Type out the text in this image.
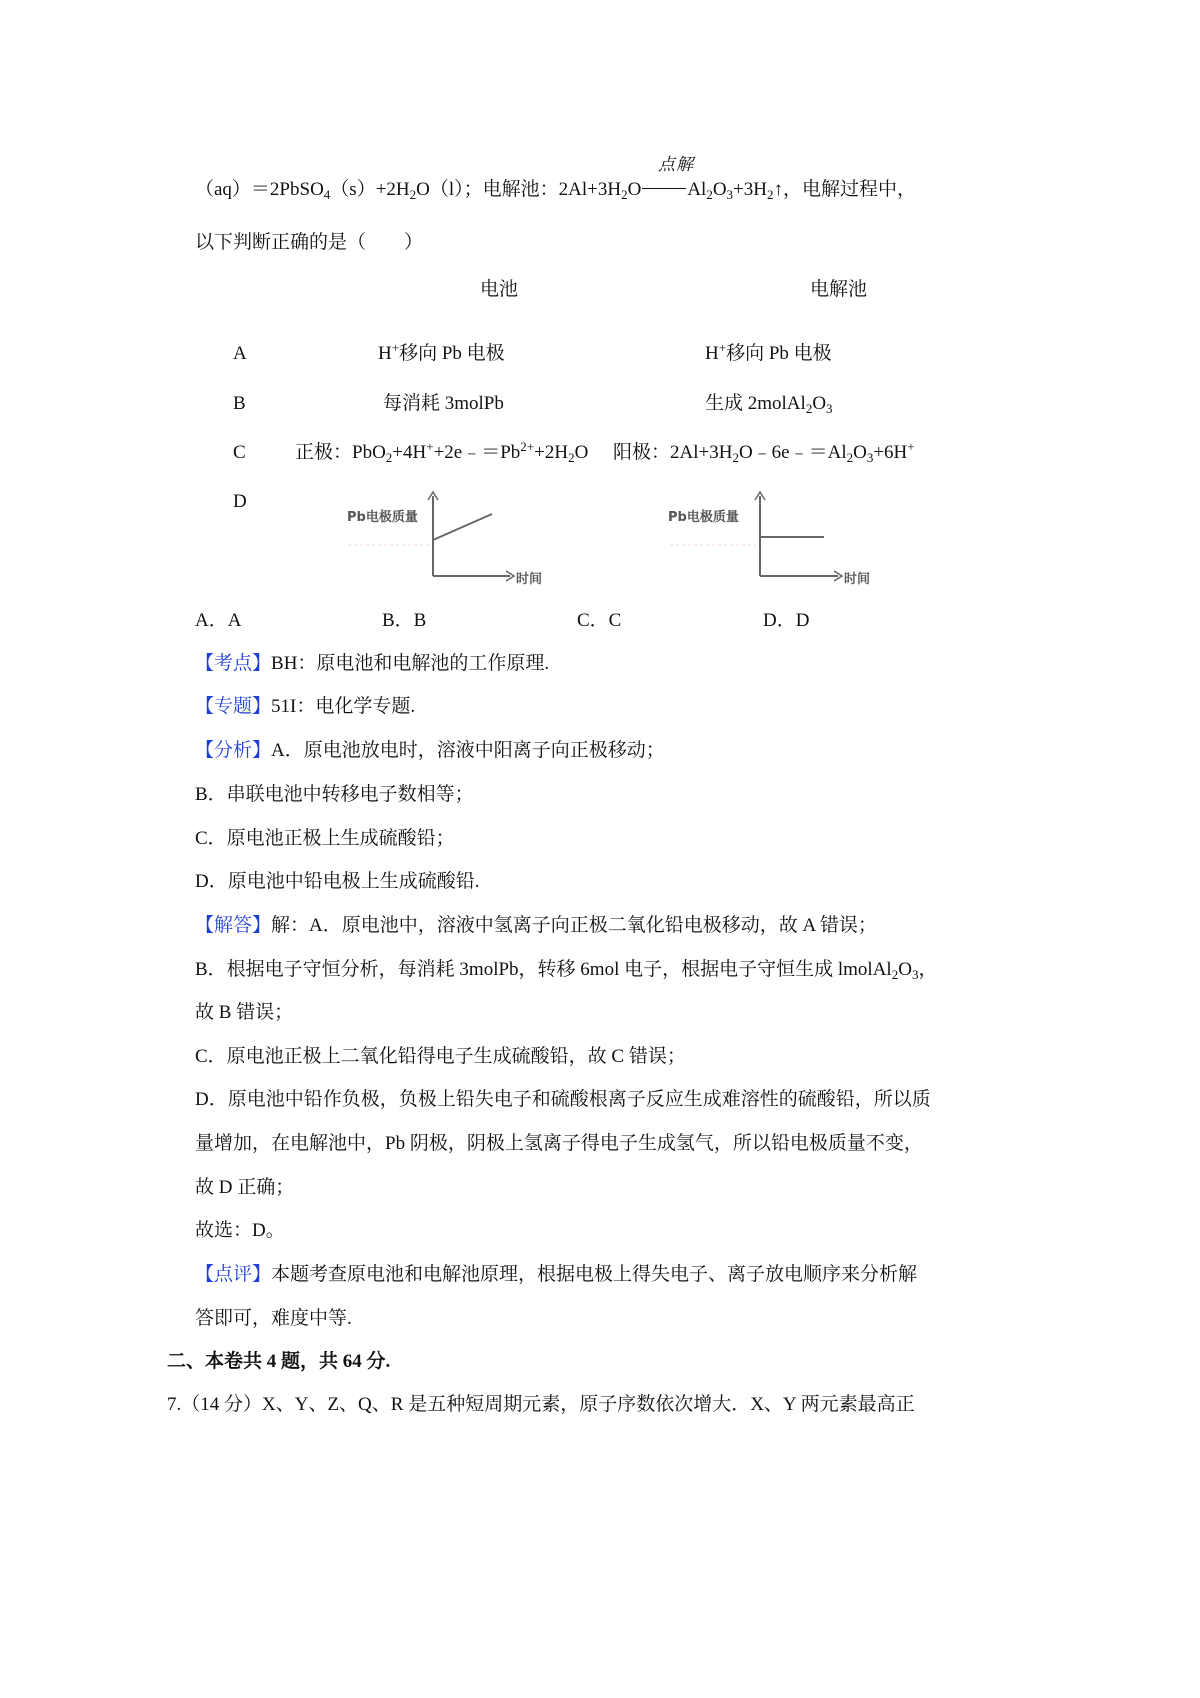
点解
$(aq)=2PbSO_4(s)+2H_2O(l)$；电解池：$2Al+3H_2O$ $Al_2O_3+3H_2↑$，电解过程中，
以下判断正确的是（　　）
电池	电解池
A	H+移向 Pb 电极	H+移向 Pb 电极
B	每消耗 3molPb	生成 $2molAl_2O_3$
C	正极：$PbO_2+4H^++2e﹣=Pb^{2+}+2H_2O$ 阳极：$2Al+3H_2O﹣6e﹣=Al_2O_3+6H^+$
D
Pb电极质量
时间
Pb电极质量
时间
A．A	B．B	C．C	D．D
【考点】BH：原电池和电解池的工作原理.
【专题】51I：电化学专题.
【分析】A．原电池放电时，溶液中阳离子向正极移动；
B．串联电池中转移电子数相等；
C．原电池正极上生成硫酸铅；
D．原电池中铅电极上生成硫酸铅.
【解答】解：A．原电池中，溶液中氢离子向正极二氧化铅电极移动，故 A 错误；
B．根据电子守恒分析，每消耗 3molPb，转移 6mol 电子，根据电子守恒生成 $lmolAl_2O_3$，
故 B 错误；
C．原电池正极上二氧化铅得电子生成硫酸铅，故 C 错误；
D．原电池中铅作负极，负极上铅失电子和硫酸根离子反应生成难溶性的硫酸铅，所以质
量增加，在电解池中，Pb 阴极，阴极上氢离子得电子生成氢气，所以铅电极质量不变，
故 D 正确；
故选：D。
【点评】本题考查原电池和电解池原理，根据电极上得失电子、离子放电顺序来分析解
答即可，难度中等.
二、本卷共 4 题，共 64 分.
7.（14 分）X、Y、Z、Q、R 是五种短周期元素，原子序数依次增大．X、Y 两元素最高正
